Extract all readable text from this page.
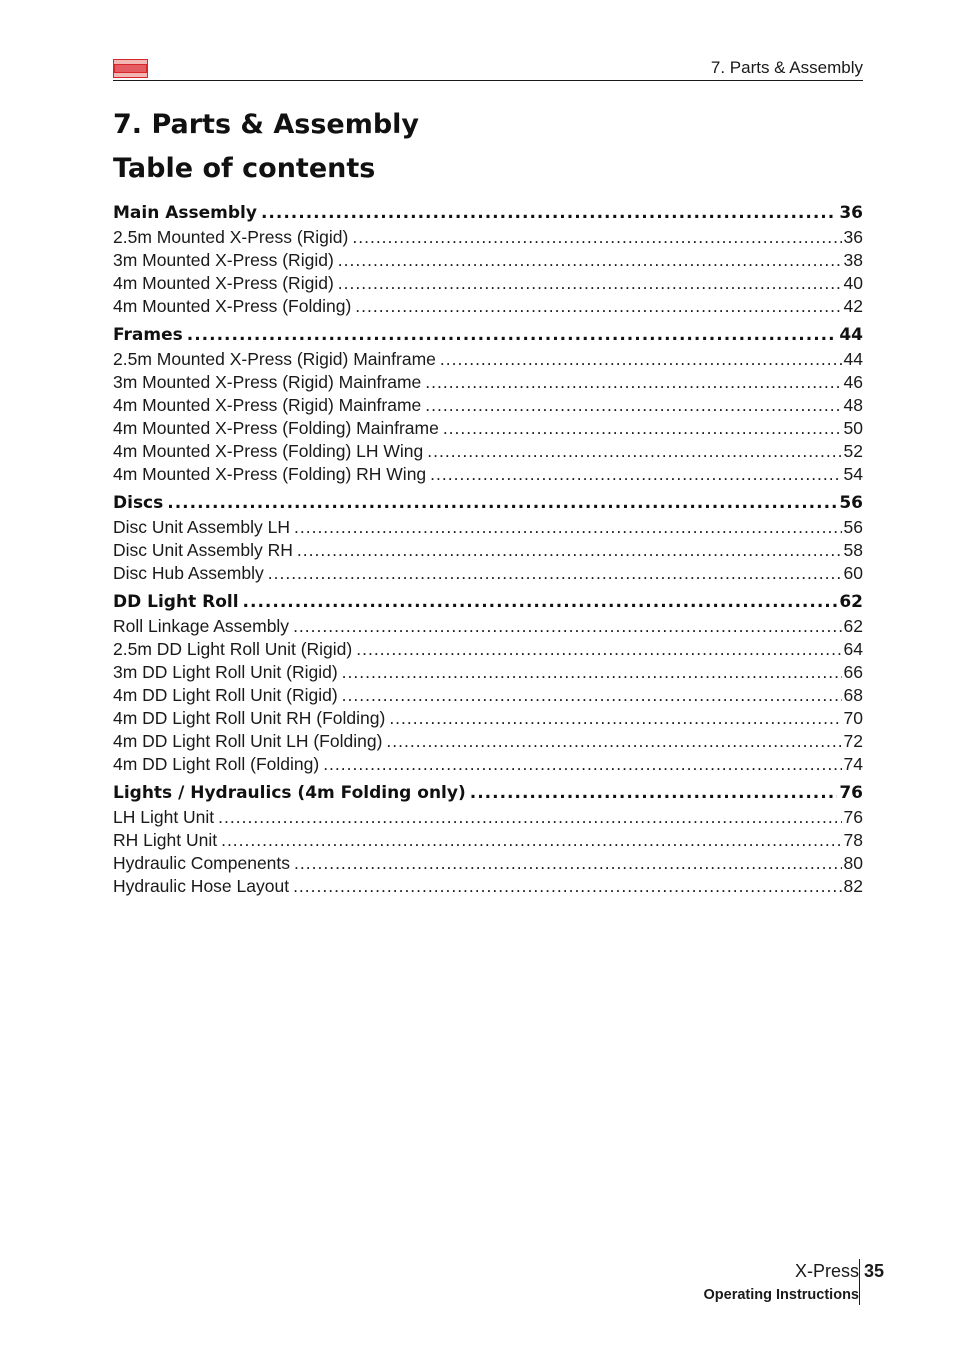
7. Parts & Assembly
7. Parts & Assembly
Table of contents
Main Assembly .....	36
2.5m Mounted X-Press (Rigid) .....	36
3m Mounted X-Press (Rigid) .....	38
4m Mounted X-Press (Rigid) .....	40
4m Mounted X-Press (Folding) .....	42
Frames .....	44
2.5m Mounted X-Press (Rigid) Mainframe .....	44
3m Mounted X-Press (Rigid) Mainframe .....	46
4m Mounted X-Press (Rigid) Mainframe .....	48
4m Mounted X-Press (Folding) Mainframe .....	50
4m Mounted X-Press (Folding) LH Wing .....	52
4m Mounted X-Press (Folding) RH Wing .....	54
Discs .....	56
Disc Unit Assembly LH .....	56
Disc Unit Assembly RH .....	58
Disc Hub Assembly .....	60
DD Light Roll .....	62
Roll Linkage Assembly .....	62
2.5m DD Light Roll Unit (Rigid) .....	64
3m DD Light Roll Unit (Rigid) .....	66
4m DD Light Roll Unit (Rigid) .....	68
4m DD Light Roll Unit RH (Folding) .....	70
4m DD Light Roll Unit LH (Folding) .....	72
4m DD Light Roll (Folding) .....	74
Lights / Hydraulics (4m Folding only) .....	76
LH Light Unit .....	76
RH Light Unit .....	78
Hydraulic Compenents .....	80
Hydraulic Hose Layout .....	82
X-Press
Operating Instructions
35
